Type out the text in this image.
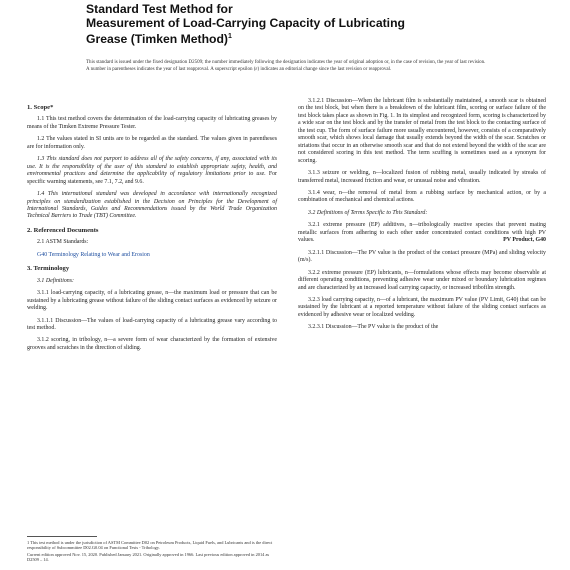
Standard Test Method for
Measurement of Load-Carrying Capacity of Lubricating
Grease (Timken Method)$^1$
This standard is issued under the fixed designation D2509; the number immediately following the designation indicates the year of original adoption or, in the case of revision, the year of last revision. A number in parentheses indicates the year of last reapproval. A superscript epsilon (ε) indicates an editorial change since the last revision or reapproval.
1. Scope*

1.1 This test method covers the determination of the load-carrying capacity of lubricating greases by means of the Timken Extreme Pressure Tester.

1.2 The values stated in SI units are to be regarded as the standard. The values given in parentheses are for information only.

1.3 This standard does not purport to address all of the safety concerns, if any, associated with its use. It is the responsibility of the user of this standard to establish appropriate safety, health, and environmental practices and determine the applicability of regulatory limitations prior to use. For specific warning statements, see 7.1, 7.2, and 9.6.

1.4 This international standard was developed in accordance with internationally recognized principles on standardization established in the Decision on Principles for the Development of International Standards, Guides and Recommendations issued by the World Trade Organization Technical Barriers to Trade (TBT) Committee.

2. Referenced Documents

2.1 ASTM Standards:

G40 Terminology Relating to Wear and Erosion

3. Terminology

3.1 Definitions:

3.1.1 load-carrying capacity, of a lubricating grease, n—the maximum load or pressure that can be sustained by a lubricating grease without failure of the sliding contact surfaces as evidenced by seizure or welding.

3.1.1.1 Discussion—The values of load-carrying capacity of a lubricating grease vary according to test method.

3.1.2 scoring, in tribology, n—a severe form of wear characterized by the formation of extensive grooves and scratches in the direction of sliding.

1 This test method is under the jurisdiction of ASTM Committee D02 on Petroleum Products, Liquid Fuels, and Lubricants and is the direct responsibility of Subcommittee D02.G0.04 on Functional Tests - Tribology.

Current edition approved Nov. 15, 2020. Published January 2021. Originally approved in 1966. Last previous edition approved in 2014 as D2509 – 14.

3.1.2.1 Discussion—When the lubricant film is substantially maintained, a smooth scar is obtained on the test block, but when there is a breakdown of the lubricant film, scoring or surface failure of the test block takes place as shown in Fig. 1. In its simplest and recognized form, scoring is characterized by a wide scar on the test block and by the transfer of metal from the test block to the contacting surface of the test cup. The form of surface failure more usually encountered, however, consists of a comparatively smooth scar, which shows local damage that usually extends beyond the width of the scar. Scratches or striations that occur in an otherwise smooth scar and that do not extend beyond the width of the scar are not considered scoring in this test method. The term scuffing is sometimes used as a synonym for scoring.

3.1.3 seizure or welding, n—localized fusion of rubbing metal, usually indicated by streaks of transferred metal, increased friction and wear, or unusual noise and vibration.

3.1.4 wear, n—the removal of metal from a rubbing surface by mechanical action, or by a combination of mechanical and chemical actions.

3.2 Definitions of Terms Specific to This Standard:

3.2.1 extreme pressure (EP) additives, n—tribologically reactive species that prevent mating metallic surfaces from adhering to each other under concentrated contact conditions with high PV values.	PV Product, G40

3.2.1.1 Discussion—The PV value is the product of the contact pressure (MPa) and sliding velocity (m/s).

3.2.2 extreme pressure (EP) lubricants, n—formulations whose effects may become observable at different operating conditions, preventing adhesive wear under mixed or boundary lubrication regimes and are characterized by an increased load carrying capacity, or increased tribofilm strength.

3.2.3 load carrying capacity, n—of a lubricant, the maximum PV value (PV Limit, G40) that can be sustained by the lubricant at a reported temperature without failure of the sliding contact surfaces as evidenced by adhesive wear or localized welding.

3.2.3.1 Discussion—The PV value is the product of the
